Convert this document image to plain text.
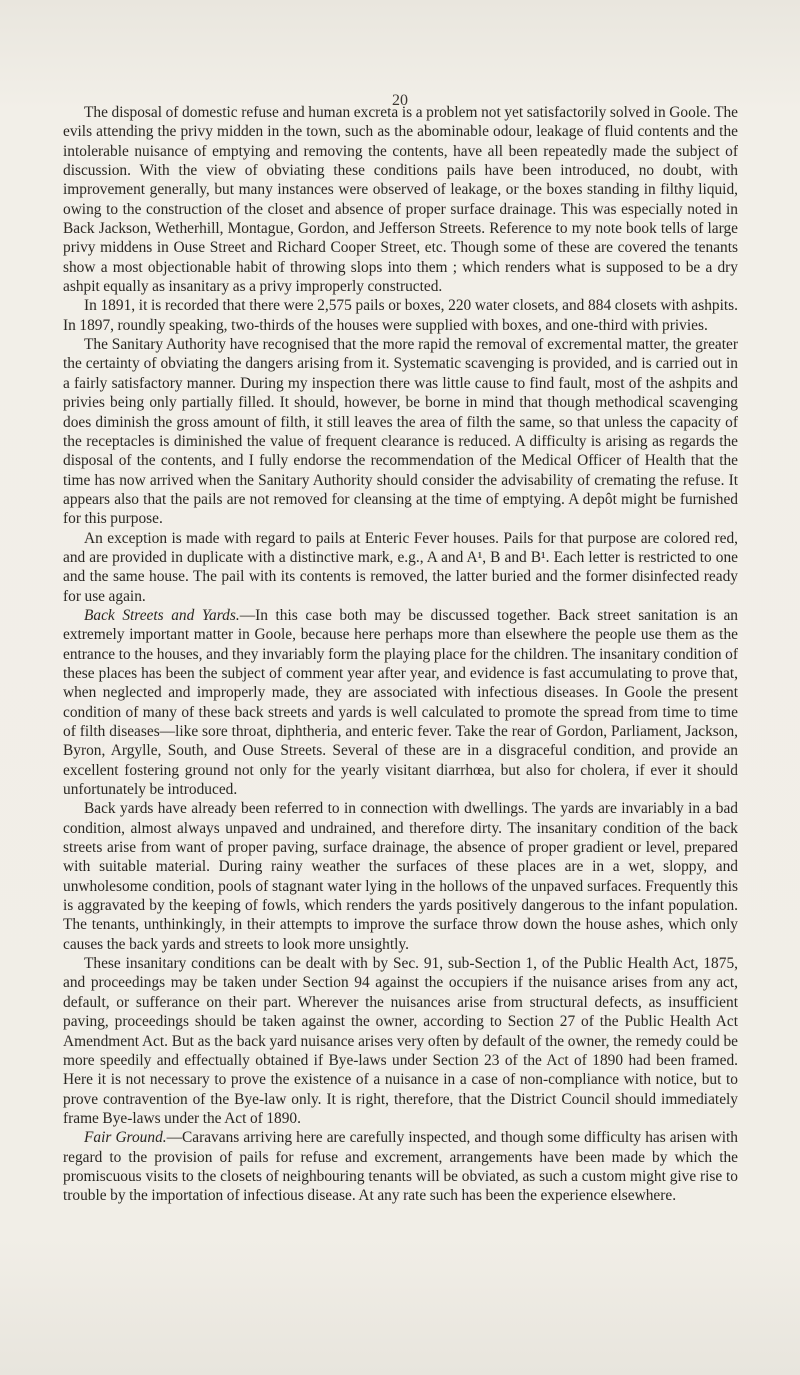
20

The disposal of domestic refuse and human excreta is a problem not yet satisfactorily solved in Goole. The evils attending the privy midden in the town, such as the abominable odour, leakage of fluid contents and the intolerable nuisance of emptying and removing the contents, have all been repeatedly made the subject of discussion. With the view of obviating these conditions pails have been introduced, no doubt, with improvement generally, but many instances were observed of leakage, or the boxes standing in filthy liquid, owing to the construction of the closet and absence of proper surface drainage. This was especially noted in Back Jackson, Wetherhill, Montague, Gordon, and Jefferson Streets. Reference to my note book tells of large privy middens in Ouse Street and Richard Cooper Street, etc. Though some of these are covered the tenants show a most objectionable habit of throwing slops into them ; which renders what is supposed to be a dry ashpit equally as insanitary as a privy improperly constructed.

In 1891, it is recorded that there were 2,575 pails or boxes, 220 water closets, and 884 closets with ashpits. In 1897, roundly speaking, two-thirds of the houses were supplied with boxes, and one-third with privies.

The Sanitary Authority have recognised that the more rapid the removal of excremental matter, the greater the certainty of obviating the dangers arising from it. Systematic scavenging is provided, and is carried out in a fairly satisfactory manner. During my inspection there was little cause to find fault, most of the ashpits and privies being only partially filled. It should, however, be borne in mind that though methodical scavenging does diminish the gross amount of filth, it still leaves the area of filth the same, so that unless the capacity of the receptacles is diminished the value of frequent clearance is reduced. A difficulty is arising as regards the disposal of the contents, and I fully endorse the recommendation of the Medical Officer of Health that the time has now arrived when the Sanitary Authority should consider the advisability of cremating the refuse. It appears also that the pails are not removed for cleansing at the time of emptying. A depôt might be furnished for this purpose.

An exception is made with regard to pails at Enteric Fever houses. Pails for that purpose are colored red, and are provided in duplicate with a distinctive mark, e.g., A and A¹, B and B¹. Each letter is restricted to one and the same house. The pail with its contents is removed, the latter buried and the former disinfected ready for use again.

Back Streets and Yards.—In this case both may be discussed together. Back street sanitation is an extremely important matter in Goole, because here perhaps more than elsewhere the people use them as the entrance to the houses, and they invariably form the playing place for the children. The insanitary condition of these places has been the subject of comment year after year, and evidence is fast accumulating to prove that, when neglected and improperly made, they are associated with infectious diseases. In Goole the present condition of many of these back streets and yards is well calculated to promote the spread from time to time of filth diseases—like sore throat, diphtheria, and enteric fever. Take the rear of Gordon, Parliament, Jackson, Byron, Argylle, South, and Ouse Streets. Several of these are in a disgraceful condition, and provide an excellent fostering ground not only for the yearly visitant diarrhœa, but also for cholera, if ever it should unfortunately be introduced.

Back yards have already been referred to in connection with dwellings. The yards are invariably in a bad condition, almost always unpaved and undrained, and therefore dirty. The insanitary condition of the back streets arise from want of proper paving, surface drainage, the absence of proper gradient or level, prepared with suitable material. During rainy weather the surfaces of these places are in a wet, sloppy, and unwholesome condition, pools of stagnant water lying in the hollows of the unpaved surfaces. Frequently this is aggravated by the keeping of fowls, which renders the yards positively dangerous to the infant population. The tenants, unthinkingly, in their attempts to improve the surface throw down the house ashes, which only causes the back yards and streets to look more unsightly.

These insanitary conditions can be dealt with by Sec. 91, sub-Section 1, of the Public Health Act, 1875, and proceedings may be taken under Section 94 against the occupiers if the nuisance arises from any act, default, or sufferance on their part. Wherever the nuisances arise from structural defects, as insufficient paving, proceedings should be taken against the owner, according to Section 27 of the Public Health Act Amendment Act. But as the back yard nuisance arises very often by default of the owner, the remedy could be more speedily and effectually obtained if Bye-laws under Section 23 of the Act of 1890 had been framed. Here it is not necessary to prove the existence of a nuisance in a case of non-compliance with notice, but to prove contravention of the Bye-law only. It is right, therefore, that the District Council should immediately frame Bye-laws under the Act of 1890.

Fair Ground.—Caravans arriving here are carefully inspected, and though some difficulty has arisen with regard to the provision of pails for refuse and excrement, arrangements have been made by which the promiscuous visits to the closets of neighbouring tenants will be obviated, as such a custom might give rise to trouble by the importation of infectious disease. At any rate such has been the experience elsewhere.
